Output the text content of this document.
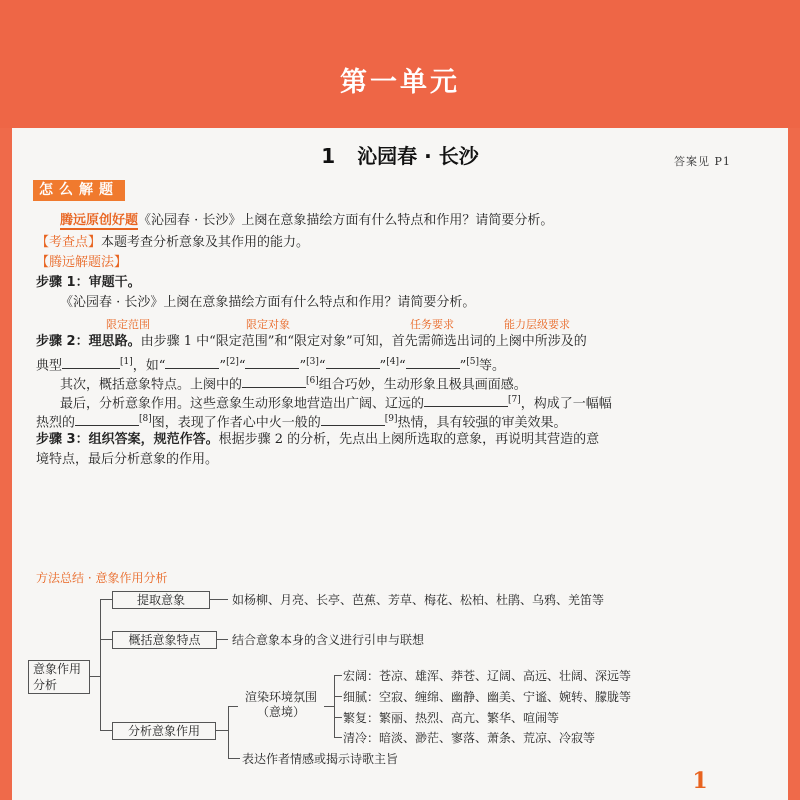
第一单元
1 沁园春 · 长沙	答案见 P1
怎么解题
腾远原创好题《沁园春 · 长沙》上阕在意象描绘方面有什么特点和作用？请简要分析。
【考查点】本题考查分析意象及其作用的能力。
【腾远解题法】
步骤 1：审题干。
《沁园春 · 长沙》上阕在意象描绘方面有什么特点和作用？请简要分析。
限定范围	限定对象	任务要求	能力层级要求
步骤 2：理思路。由步骤 1 中“限定范围”和“限定对象”可知，首先需筛选出词的上阕中所涉及的
典型	[1]，如“	”[2]“	”[3]“	”[4]“	”[5]等。
其次，概括意象特点。上阕中的	[6]组合巧妙，生动形象且极具画面感。
最后，分析意象作用。这些意象生动形象地营造出广阔、辽远的	[7]，构成了一幅幅
热烈的	[8]图，表现了作者心中火一般的	[9]热情，具有较强的审美效果。
步骤 3：组织答案，规范作答。根据步骤 2 的分析，先点出上阕所选取的意象，再说明其营造的意
境特点，最后分析意象的作用。
方法总结 · 意象作用分析
意象作用分析
提取意象	如杨柳、月亮、长亭、芭蕉、芳草、梅花、松柏、杜鹃、乌鸦、羌笛等
概括意象特点	结合意象本身的含义进行引申与联想
分析意象作用
渲染环境氛围（意境）
宏阔：苍凉、雄浑、莽苍、辽阔、高远、壮阔、深远等
细腻：空寂、缠绵、幽静、幽美、宁谧、婉转、朦胧等
繁复：繁丽、热烈、高亢、繁华、喧闹等
清冷：暗淡、渺茫、寥落、萧条、荒凉、冷寂等
表达作者情感或揭示诗歌主旨
1
